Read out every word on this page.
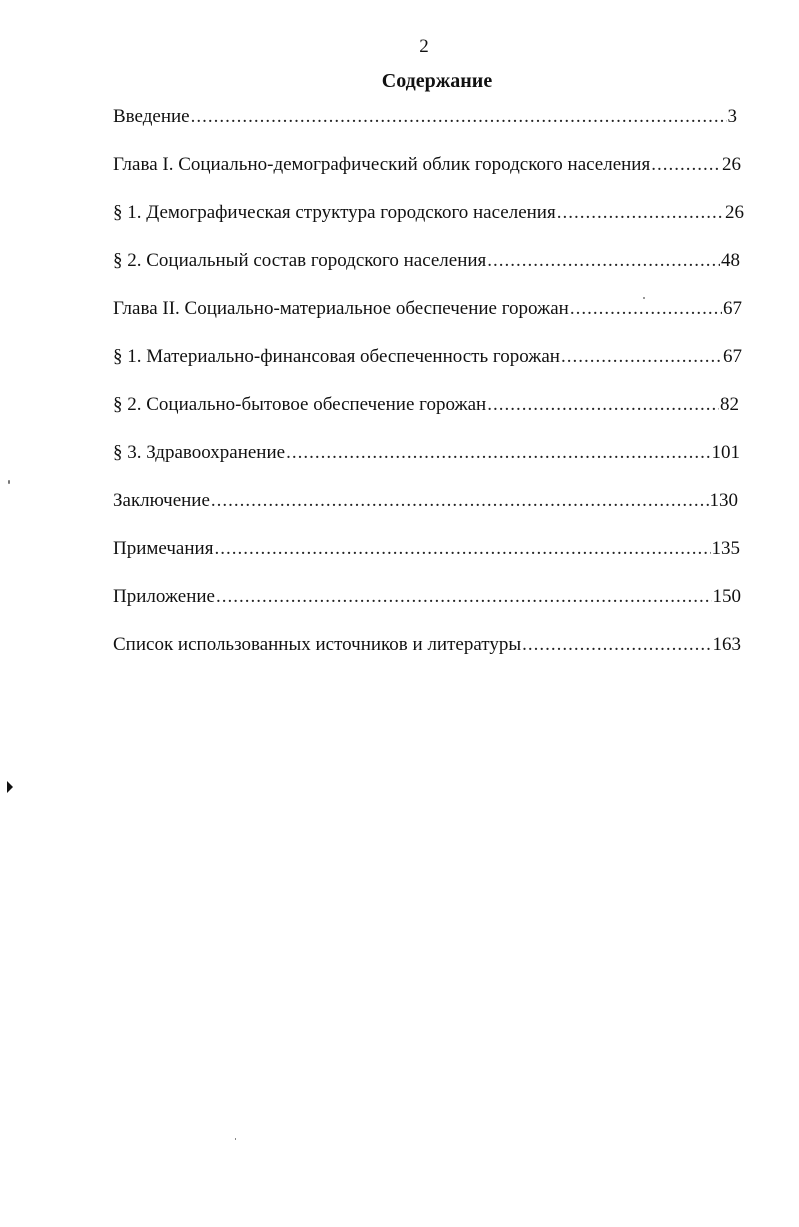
2
Содержание
Введение .....	3
Глава I. Социально-демографический облик городского населения .....	26
§ 1. Демографическая структура городского населения .....	26
§ 2. Социальный состав городского населения .....	48
Глава II. Социально-материальное обеспечение горожан .....	67
§ 1. Материально-финансовая обеспеченность горожан .....	67
§ 2. Социально-бытовое обеспечение горожан .....	82
§ 3. Здравоохранение .....	101
Заключение .....	130
Примечания .....	135
Приложение .....	150
Список использованных источников и литературы .....	163
